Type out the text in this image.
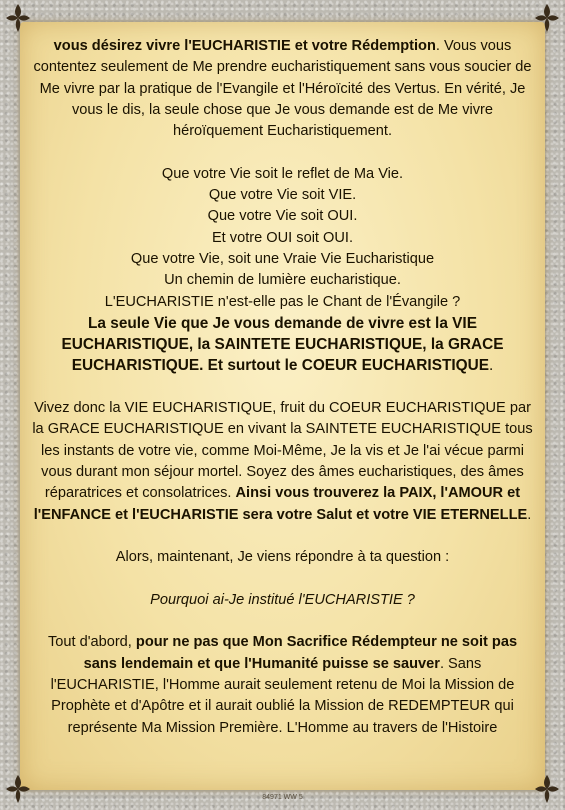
vous désirez vivre l'EUCHARISTIE et votre Rédemption. Vous vous contentez seulement de Me prendre eucharistiquement sans vous soucier de Me vivre par la pratique de l'Evangile et l'Héroïcité des Vertus. En vérité, Je vous le dis, la seule chose que Je vous demande est de Me vivre héroïquement Eucharistiquement.

Que votre Vie soit le reflet de Ma Vie.

Que votre Vie soit VIE.

Que votre Vie soit OUI.

Et votre OUI soit OUI.

Que votre Vie, soit une Vraie Vie Eucharistique

Un chemin de lumière eucharistique.

L'EUCHARISTIE n'est-elle pas le Chant de l'Évangile ?

La seule Vie que Je vous demande de vivre est la VIE EUCHARISTIQUE, la SAINTETE EUCHARISTIQUE, la GRACE EUCHARISTIQUE. Et surtout le COEUR EUCHARISTIQUE.

Vivez donc la VIE EUCHARISTIQUE, fruit du COEUR EUCHARISTIQUE par la GRACE EUCHARISTIQUE en vivant la SAINTETE EUCHARISTIQUE tous les instants de votre vie, comme Moi-Même, Je la vis et Je l'ai vécue parmi vous durant mon séjour mortel. Soyez des âmes eucharistiques, des âmes réparatrices et consolatrices. Ainsi vous trouverez la PAIX, l'AMOUR et l'ENFANCE et l'EUCHARISTIE sera votre Salut et votre VIE ETERNELLE.

Alors, maintenant, Je viens répondre à ta question :

Pourquoi ai-Je institué l'EUCHARISTIE ?

Tout d'abord, pour ne pas que Mon Sacrifice Rédempteur ne soit pas sans lendemain et que l'Humanité puisse se sauver. Sans l'EUCHARISTIE, l'Homme aurait seulement retenu de Moi la Mission de Prophète et d'Apôtre et il aurait oublié la Mission de REDEMPTEUR qui représente Ma Mission Première. L'Homme au travers de l'Histoire

84971 WW 5
